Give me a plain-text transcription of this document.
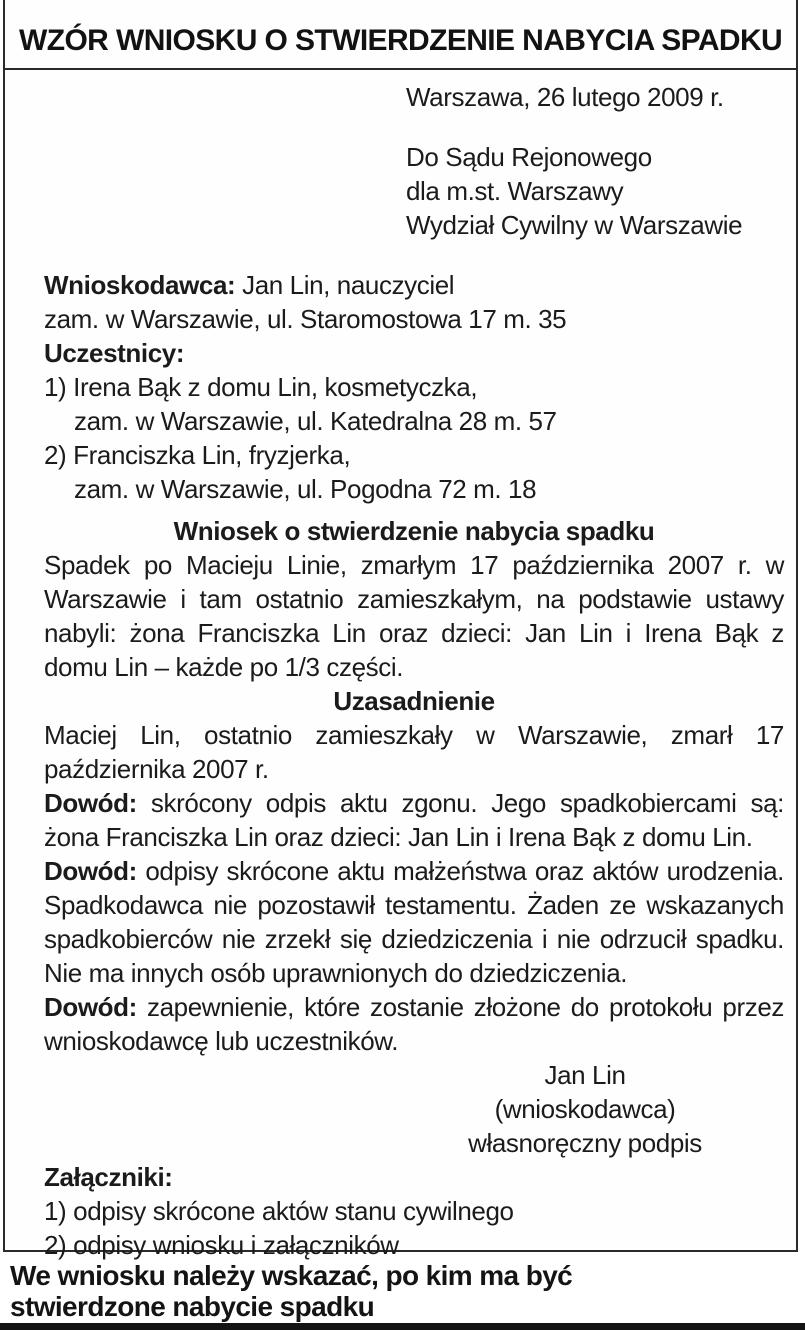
WZÓR WNIOSKU O STWIERDZENIE NABYCIA SPADKU
Warszawa, 26 lutego 2009 r.
Do Sądu Rejonowego
dla m.st. Warszawy
Wydział Cywilny w Warszawie
Wnioskodawca: Jan Lin, nauczyciel
zam. w Warszawie, ul. Staromostowa 17 m. 35
Uczestnicy:
1) Irena Bąk z domu Lin, kosmetyczka,
zam. w Warszawie, ul. Katedralna 28 m. 57
2) Franciszka Lin, fryzjerka,
zam. w Warszawie, ul. Pogodna 72 m. 18
Wniosek o stwierdzenie nabycia spadku
Spadek po Macieju Linie, zmarłym 17 października 2007 r. w Warszawie i tam ostatnio zamieszkałym, na podstawie ustawy nabyli: żona Franciszka Lin oraz dzieci: Jan Lin i Irena Bąk z domu Lin – każde po 1/3 części.
Uzasadnienie
Maciej Lin, ostatnio zamieszkały w Warszawie, zmarł 17 października 2007 r.
Dowód: skrócony odpis aktu zgonu. Jego spadkobiercami są: żona Franciszka Lin oraz dzieci: Jan Lin i Irena Bąk z domu Lin.
Dowód: odpisy skrócone aktu małżeństwa oraz aktów urodzenia. Spadkodawca nie pozostawił testamentu. Żaden ze wskazanych spadkobierców nie zrzekł się dziedziczenia i nie odrzucił spadku. Nie ma innych osób uprawnionych do dziedziczenia.
Dowód: zapewnienie, które zostanie złożone do protokołu przez wnioskodawcę lub uczestników.
Jan Lin
(wnioskodawca)
własnoręczny podpis
Załączniki:
1) odpisy skrócone aktów stanu cywilnego
2) odpisy wniosku i załączników
We wniosku należy wskazać, po kim ma być stwierdzone nabycie spadku
